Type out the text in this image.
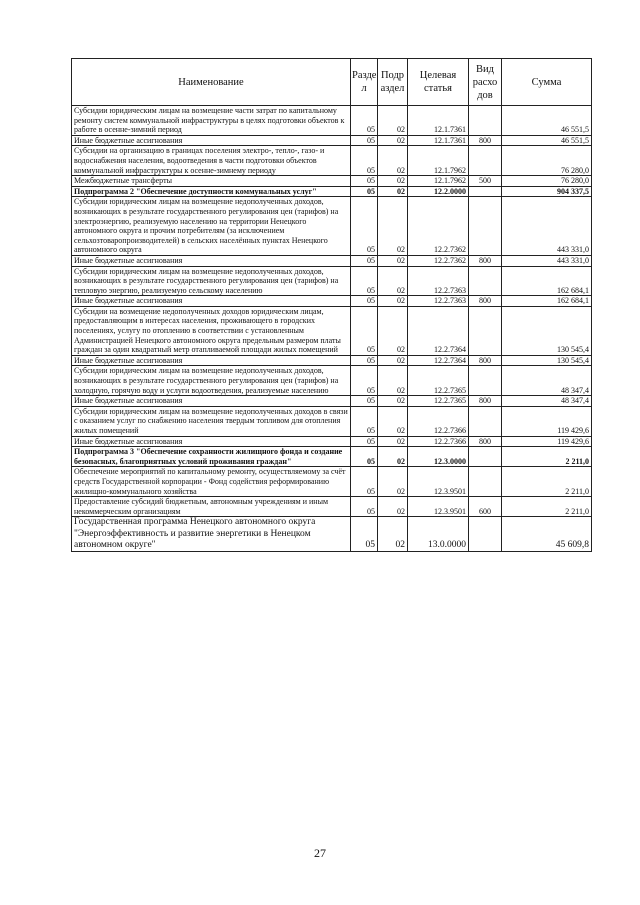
Наименование	Разде л	Подр аздел	Целевая статья	Вид расхо дов	Сумма
Субсидии юридическим лицам на возмещение части затрат по капитальному ремонту систем коммунальной инфраструктуры в целях подготовки объектов к работе в осенне-зимний период	05	02	12.1.7361		46 551,5
Иные бюджетные ассигнования	05	02	12.1.7361	800	46 551,5
Субсидии на организацию в границах поселения электро-, тепло-, газо- и водоснабжения населения, водоотведения в части подготовки объектов коммунальной инфраструктуры к осенне-зимнему периоду	05	02	12.1.7962		76 280,0
Межбюджетные трансферты	05	02	12.1.7962	500	76 280,0
Подпрограмма 2 "Обеспечение доступности коммунальных услуг"	05	02	12.2.0000		904 337,5
Субсидии юридическим лицам на возмещение недополученных доходов, возникающих в результате государственного регулирования цен (тарифов) на электроэнергию, реализуемую населению на территории Ненецкого автономного округа и прочим потребителям (за исключением сельхозтоваропроизводителей) в сельских населённых пунктах Ненецкого автономного округа	05	02	12.2.7362		443 331,0
Иные бюджетные ассигнования	05	02	12.2.7362	800	443 331,0
Субсидии юридическим лицам на возмещение недополученных доходов, возникающих в результате государственного регулирования цен (тарифов) на тепловую энергию, реализуемую сельскому населению	05	02	12.2.7363		162 684,1
Иные бюджетные ассигнования	05	02	12.2.7363	800	162 684,1
Субсидии на возмещение недополученных доходов юридическим лицам, предоставляющим в интересах населения, проживающего в городских поселениях, услугу по отоплению в соответствии с установленным Администрацией Ненецкого автономного округа предельным размером платы граждан за один квадратный метр отапливаемой площади жилых помещений	05	02	12.2.7364		130 545,4
Иные бюджетные ассигнования	05	02	12.2.7364	800	130 545,4
Субсидии юридическим лицам на возмещение недополученных доходов, возникающих в результате государственного регулирования цен (тарифов) на холодную, горячую воду и услуги водоотведения, реализуемые населению	05	02	12.2.7365		48 347,4
Иные бюджетные ассигнования	05	02	12.2.7365	800	48 347,4
Субсидии юридическим лицам на возмещение недополученных доходов в связи с оказанием услуг по снабжению населения твердым топливом для отопления жилых помещений	05	02	12.2.7366		119 429,6
Иные бюджетные ассигнования	05	02	12.2.7366	800	119 429,6
Подпрограмма 3 "Обеспечение сохранности жилищного фонда и создание безопасных, благоприятных условий проживания граждан"	05	02	12.3.0000		2 211,0
Обеспечение мероприятий по капитальному ремонту, осуществляемому за счёт средств Государственной корпорации - Фонд содействия реформированию жилищно-коммунального хозяйства	05	02	12.3.9501		2 211,0
Предоставление субсидий бюджетным, автономным учреждениям и иным некоммерческим организациям	05	02	12.3.9501	600	2 211,0
Государственная программа Ненецкого автономного округа "Энергоэффективность и развитие энергетики в Ненецком автономном округе"	05	02	13.0.0000		45 609,8
27
